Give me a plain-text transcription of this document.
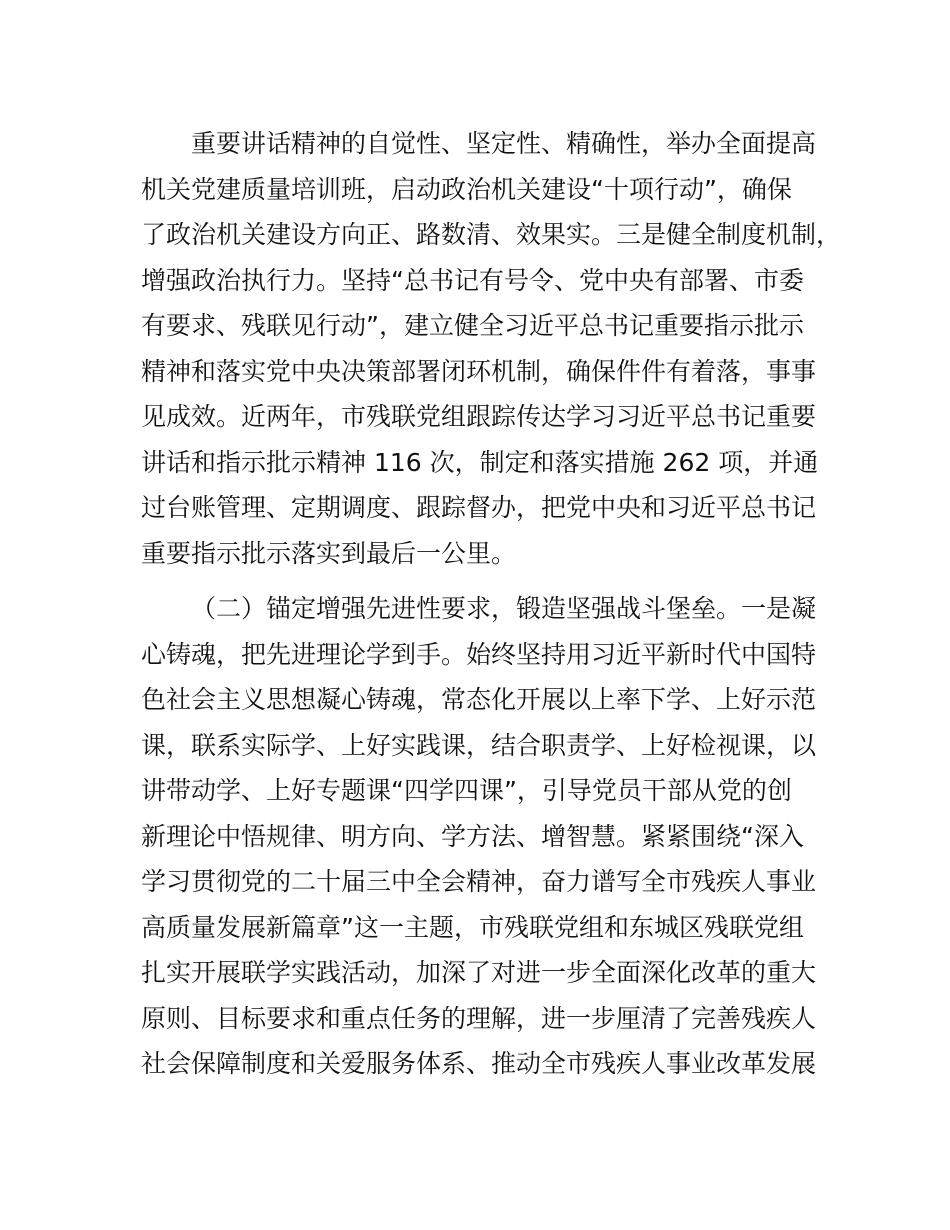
重要讲话精神的自觉性、坚定性、精确性，举办全面提高
机关党建质量培训班，启动政治机关建设“十项行动”，确保
了政治机关建设方向正、路数清、效果实。三是健全制度机制，
增强政治执行力。坚持“总书记有号令、党中央有部署、市委
有要求、残联见行动”，建立健全习近平总书记重要指示批示
精神和落实党中央决策部署闭环机制，确保件件有着落，事事
见成效。近两年，市残联党组跟踪传达学习习近平总书记重要
讲话和指示批示精神 116 次，制定和落实措施 262 项，并通
过台账管理、定期调度、跟踪督办，把党中央和习近平总书记
重要指示批示落实到最后一公里。
（二）锚定增强先进性要求，锻造坚强战斗堡垒。一是凝
心铸魂，把先进理论学到手。始终坚持用习近平新时代中国特
色社会主义思想凝心铸魂，常态化开展以上率下学、上好示范
课，联系实际学、上好实践课，结合职责学、上好检视课，以
讲带动学、上好专题课“四学四课”，引导党员干部从党的创
新理论中悟规律、明方向、学方法、增智慧。紧紧围绕“深入
学习贯彻党的二十届三中全会精神，奋力谱写全市残疾人事业
高质量发展新篇章”这一主题，市残联党组和东城区残联党组
扎实开展联学实践活动，加深了对进一步全面深化改革的重大
原则、目标要求和重点任务的理解，进一步厘清了完善残疾人
社会保障制度和关爱服务体系、推动全市残疾人事业改革发展
